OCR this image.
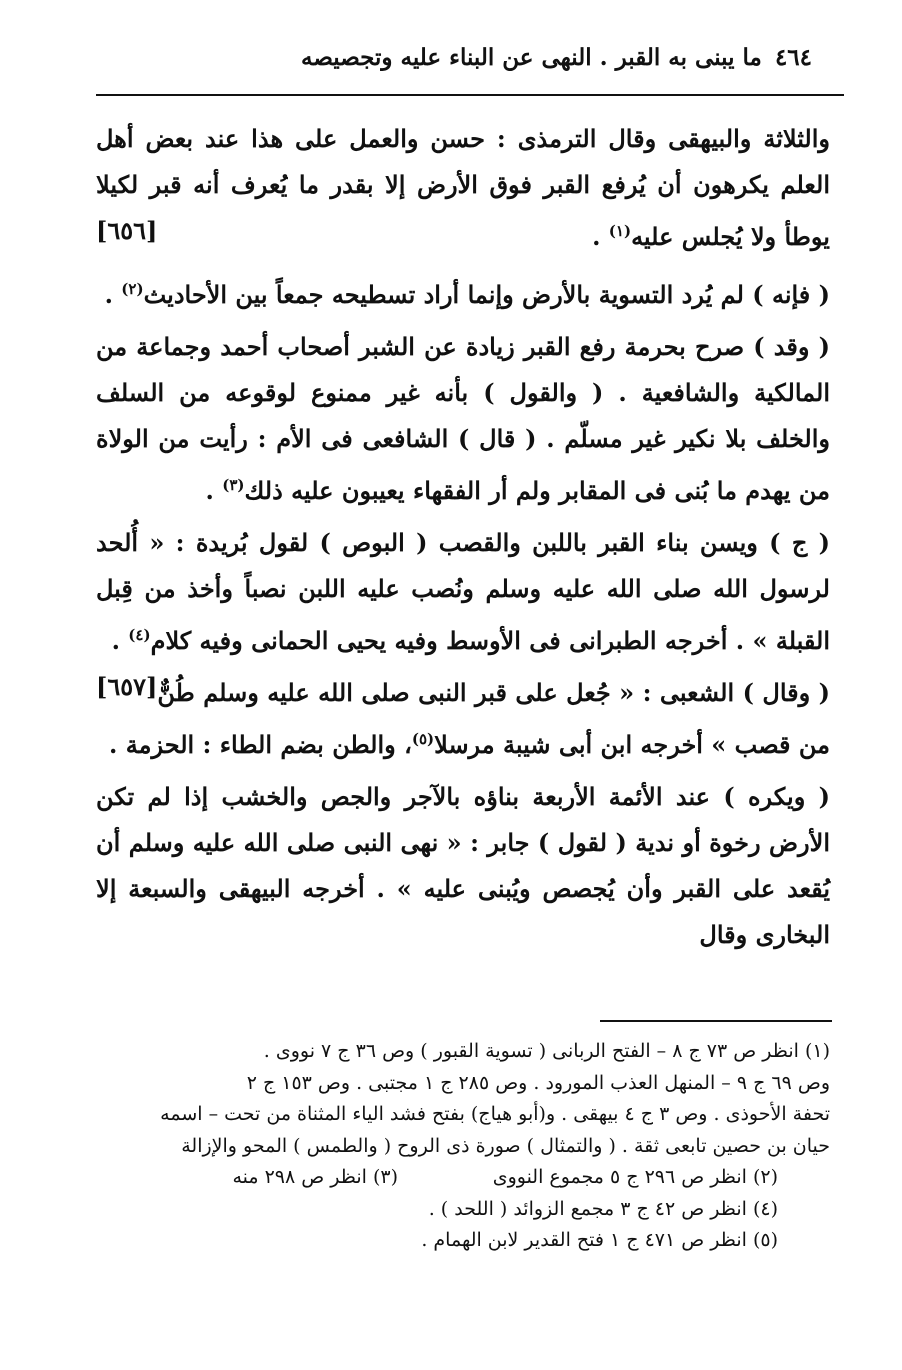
٤٦٤
ما يبنى به القبر . النهى عن البناء عليه وتجصيصه

والثلاثة والبيهقى وقال الترمذى : حسن والعمل على هذا عند بعض أهل العلم يكرهون أن يُرفع القبر فوق الأرض إلا بقدر ما يُعرف أنه قبر لكيلا يوطأ ولا يُجلس عليه$^{(١)}$ .
[٦٥٦]

( فإنه ) لم يُرد التسوية بالأرض وإنما أراد تسطيحه جمعاً بين الأحاديث$^{(٢)}$ .

( وقد ) صرح بحرمة رفع القبر زيادة عن الشبر أصحاب أحمد وجماعة من المالكية والشافعية . ( والقول ) بأنه غير ممنوع لوقوعه من السلف والخلف بلا نكير غير مسلّم . ( قال ) الشافعى فى الأم : رأيت من الولاة من يهدم ما بُنى فى المقابر ولم أر الفقهاء يعيبون عليه ذلك$^{(٣)}$ .

( ج ) ويسن بناء القبر باللبن والقصب ( البوص ) لقول بُريدة : « أُلحد لرسول الله صلى الله عليه وسلم ونُصب عليه اللبن نصباً وأخذ من قِبل القبلة » . أخرجه الطبرانى فى الأوسط وفيه يحيى الحمانى وفيه كلام$^{(٤)}$ .
[٦٥٧] ( وقال ) الشعبى : « جُعل على قبر النبى صلى الله عليه وسلم طُنٌّ من قصب » أخرجه ابن أبى شيبة مرسلا$^{(٥)}$، والطن بضم الطاء : الحزمة .

( ويكره ) عند الأئمة الأربعة بناؤه بالآجر والجص والخشب إذا لم تكن الأرض رخوة أو ندية ( لقول ) جابر : « نهى النبى صلى الله عليه وسلم أن يُقعد على القبر وأن يُجصص ويُبنى عليه » . أخرجه البيهقى والسبعة إلا البخارى وقال

(١) انظر ص ٧٣ ج ٨ – الفتح الربانى ( تسوية القبور ) وص ٣٦ ج ٧ نووى .

وص ٦٩ ج ٩ – المنهل العذب المورود . وص ٢٨٥ ج ١ مجتبى . وص ١٥٣ ج ٢

تحفة الأحوذى . وص ٣ ج ٤ بيهقى . و(أبو هياج) بفتح فشد الياء المثناة من تحت – اسمه

حيان بن حصين تابعى ثقة . ( والتمثال ) صورة ذى الروح ( والطمس ) المحو والإزالة

(٢) انظر ص ٢٩٦ ج ٥ مجموع النووى
(٣) انظر ص ٢٩٨ منه

(٤) انظر ص ٤٢ ج ٣ مجمع الزوائد ( اللحد ) .

(٥) انظر ص ٤٧١ ج ١ فتح القدير لابن الهمام .
